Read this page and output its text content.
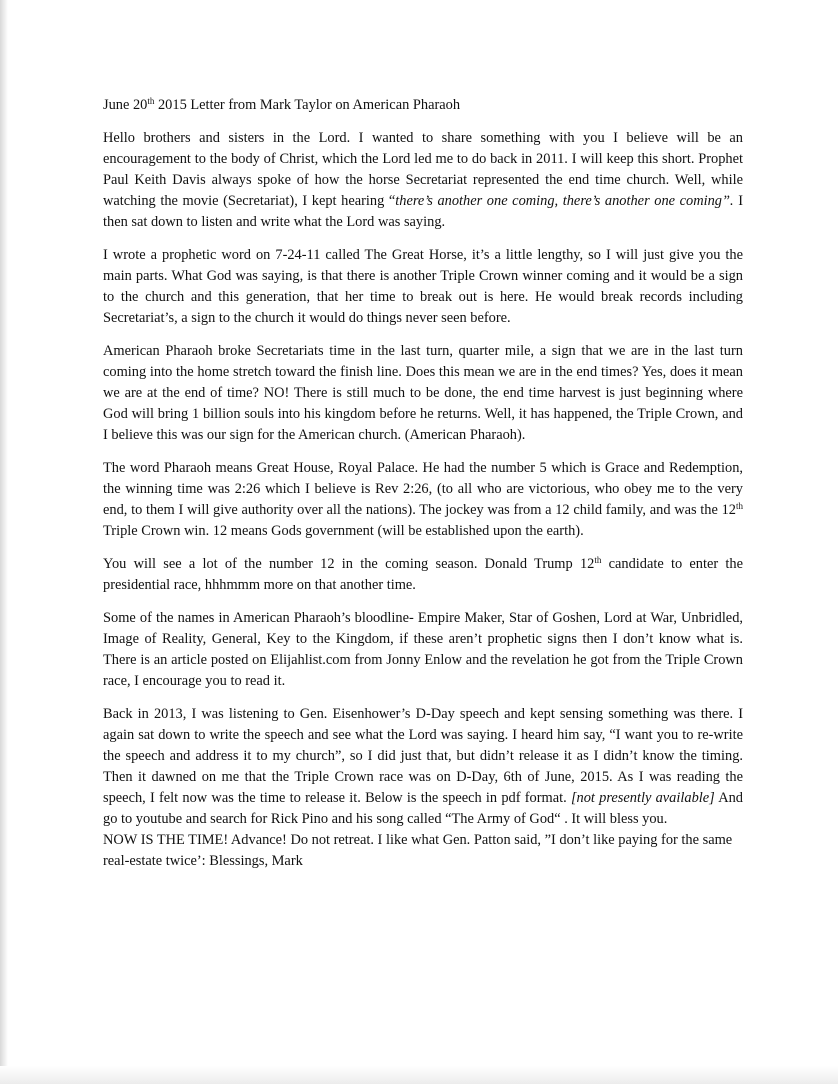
June 20th 2015 Letter from Mark Taylor on American Pharaoh

Hello brothers and sisters in the Lord. I wanted to share something with you I believe will be an encouragement to the body of Christ, which the Lord led me to do back in 2011. I will keep this short. Prophet Paul Keith Davis always spoke of how the horse Secretariat represented the end time church. Well, while watching the movie (Secretariat), I kept hearing “there’s another one coming, there’s another one coming”. I then sat down to listen and write what the Lord was saying.

I wrote a prophetic word on 7-24-11 called The Great Horse, it’s a little lengthy, so I will just give you the main parts. What God was saying, is that there is another Triple Crown winner coming and it would be a sign to the church and this generation, that her time to break out is here. He would break records including Secretariat’s, a sign to the church it would do things never seen before.

American Pharaoh broke Secretariats time in the last turn, quarter mile, a sign that we are in the last turn coming into the home stretch toward the finish line. Does this mean we are in the end times? Yes, does it mean we are at the end of time? NO! There is still much to be done, the end time harvest is just beginning where God will bring 1 billion souls into his kingdom before he returns. Well, it has happened, the Triple Crown, and I believe this was our sign for the American church. (American Pharaoh).

The word Pharaoh means Great House, Royal Palace. He had the number 5 which is Grace and Redemption, the winning time was 2:26 which I believe is Rev 2:26, (to all who are victorious, who obey me to the very end, to them I will give authority over all the nations). The jockey was from a 12 child family, and was the 12th Triple Crown win. 12 means Gods government (will be established upon the earth).

You will see a lot of the number 12 in the coming season. Donald Trump 12th candidate to enter the presidential race, hhhmmm more on that another time.

Some of the names in American Pharaoh’s bloodline- Empire Maker, Star of Goshen, Lord at War, Unbridled, Image of Reality, General, Key to the Kingdom, if these aren’t prophetic signs then I don’t know what is. There is an article posted on Elijahlist.com from Jonny Enlow and the revelation he got from the Triple Crown race, I encourage you to read it.

Back in 2013, I was listening to Gen. Eisenhower’s D-Day speech and kept sensing something was there. I again sat down to write the speech and see what the Lord was saying. I heard him say, “I want you to re-write the speech and address it to my church”, so I did just that, but didn’t release it as I didn’t know the timing. Then it dawned on me that the Triple Crown race was on D-Day, 6th of June, 2015. As I was reading the speech, I felt now was the time to release it. Below is the speech in pdf format. [not presently available] And go to youtube and search for Rick Pino and his song called “The Army of God“ . It will bless you.

NOW IS THE TIME! Advance! Do not retreat. I like what Gen. Patton said, ”I don’t like paying for the same real-estate twice’: Blessings, Mark
